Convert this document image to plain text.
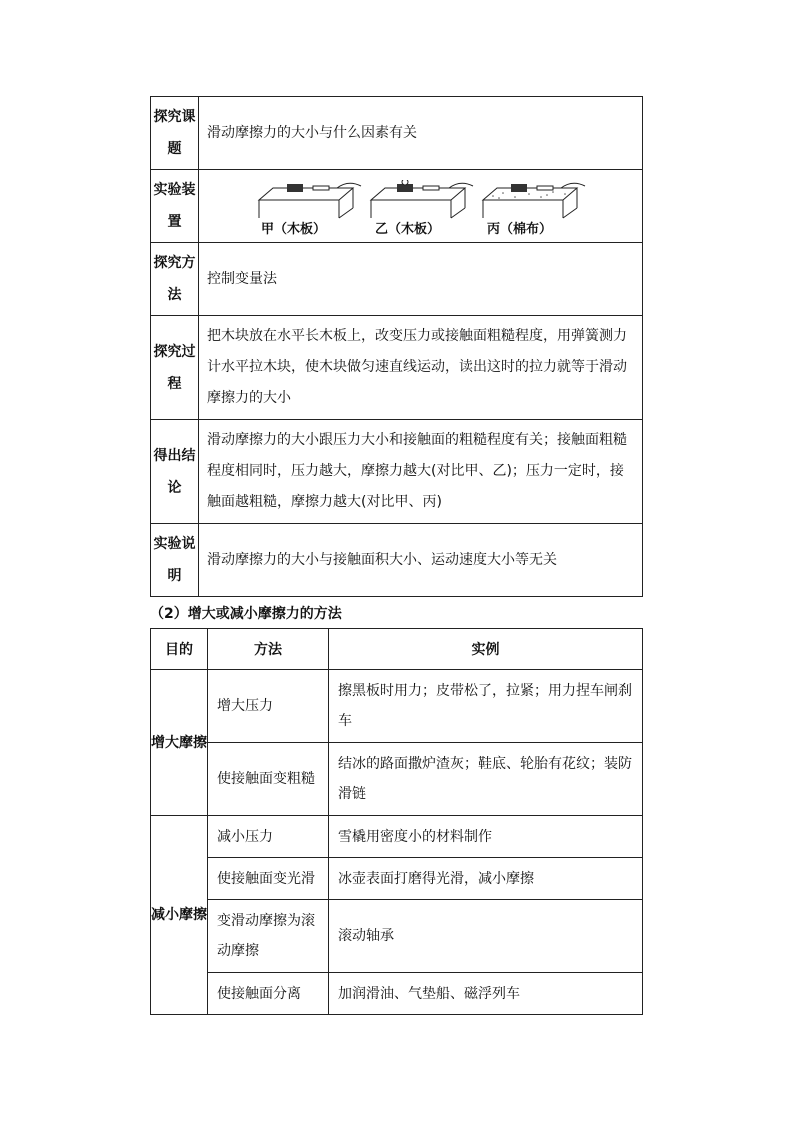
探究课题	滑动摩擦力的大小与什么因素有关
实验装置	甲（木板） 乙（木板） 丙（棉布）

探究方法	控制变量法
探究过程	把木块放在水平长木板上，改变压力或接触面粗糙程度，用弹簧测力计水平拉木块，使木块做匀速直线运动，读出这时的拉力就等于滑动摩擦力的大小
得出结论	滑动摩擦力的大小跟压力大小和接触面的粗糙程度有关；接触面粗糙程度相同时，压力越大，摩擦力越大(对比甲、乙)；压力一定时，接触面越粗糙，摩擦力越大(对比甲、丙)
实验说明	滑动摩擦力的大小与接触面积大小、运动速度大小等无关
（2）增大或减小摩擦力的方法
目的	方法	实例
增大摩擦	增大压力	擦黑板时用力；皮带松了，拉紧；用力捏车闸刹车
	使接触面变粗糙	结冰的路面撒炉渣灰；鞋底、轮胎有花纹；装防滑链
减小摩擦	减小压力	雪橇用密度小的材料制作
	使接触面变光滑	冰壶表面打磨得光滑，减小摩擦
	变滑动摩擦为滚动摩擦	滚动轴承
	使接触面分离	加润滑油、气垫船、磁浮列车
